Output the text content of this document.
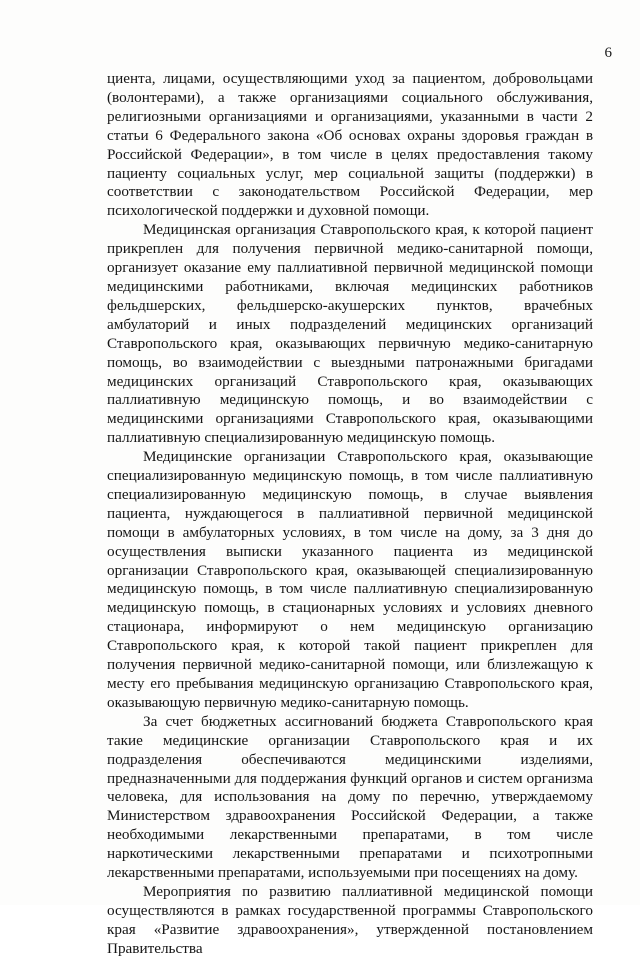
6

циента, лицами, осуществляющими уход за пациентом, добровольцами (волонтерами), а также организациями социального обслуживания, религиозными организациями и организациями, указанными в части 2 статьи 6 Федерального закона «Об основах охраны здоровья граждан в Российской Федерации», в том числе в целях предоставления такому пациенту социальных услуг, мер социальной защиты (поддержки) в соответствии с законодательством Российской Федерации, мер психологической поддержки и духовной помощи.

Медицинская организация Ставропольского края, к которой пациент прикреплен для получения первичной медико-санитарной помощи, организует оказание ему паллиативной первичной медицинской помощи медицинскими работниками, включая медицинских работников фельдшерских, фельдшерско-акушерских пунктов, врачебных амбулаторий и иных подразделений медицинских организаций Ставропольского края, оказывающих первичную медико-санитарную помощь, во взаимодействии с выездными патронажными бригадами медицинских организаций Ставропольского края, оказывающих паллиативную медицинскую помощь, и во взаимодействии с медицинскими организациями Ставропольского края, оказывающими паллиативную специализированную медицинскую помощь.

Медицинские организации Ставропольского края, оказывающие специализированную медицинскую помощь, в том числе паллиативную специализированную медицинскую помощь, в случае выявления пациента, нуждающегося в паллиативной первичной медицинской помощи в амбулаторных условиях, в том числе на дому, за 3 дня до осуществления выписки указанного пациента из медицинской организации Ставропольского края, оказывающей специализированную медицинскую помощь, в том числе паллиативную специализированную медицинскую помощь, в стационарных условиях и условиях дневного стационара, информируют о нем медицинскую организацию Ставропольского края, к которой такой пациент прикреплен для получения первичной медико-санитарной помощи, или близлежащую к месту его пребывания медицинскую организацию Ставропольского края, оказывающую первичную медико-санитарную помощь.

За счет бюджетных ассигнований бюджета Ставропольского края такие медицинские организации Ставропольского края и их подразделения обеспечиваются медицинскими изделиями, предназначенными для поддержания функций органов и систем организма человека, для использования на дому по перечню, утверждаемому Министерством здравоохранения Российской Федерации, а также необходимыми лекарственными препаратами, в том числе наркотическими лекарственными препаратами и психотропными лекарственными препаратами, используемыми при посещениях на дому.

Мероприятия по развитию паллиативной медицинской помощи осуществляются в рамках государственной программы Ставропольского края «Развитие здравоохранения», утвержденной постановлением Правительства
